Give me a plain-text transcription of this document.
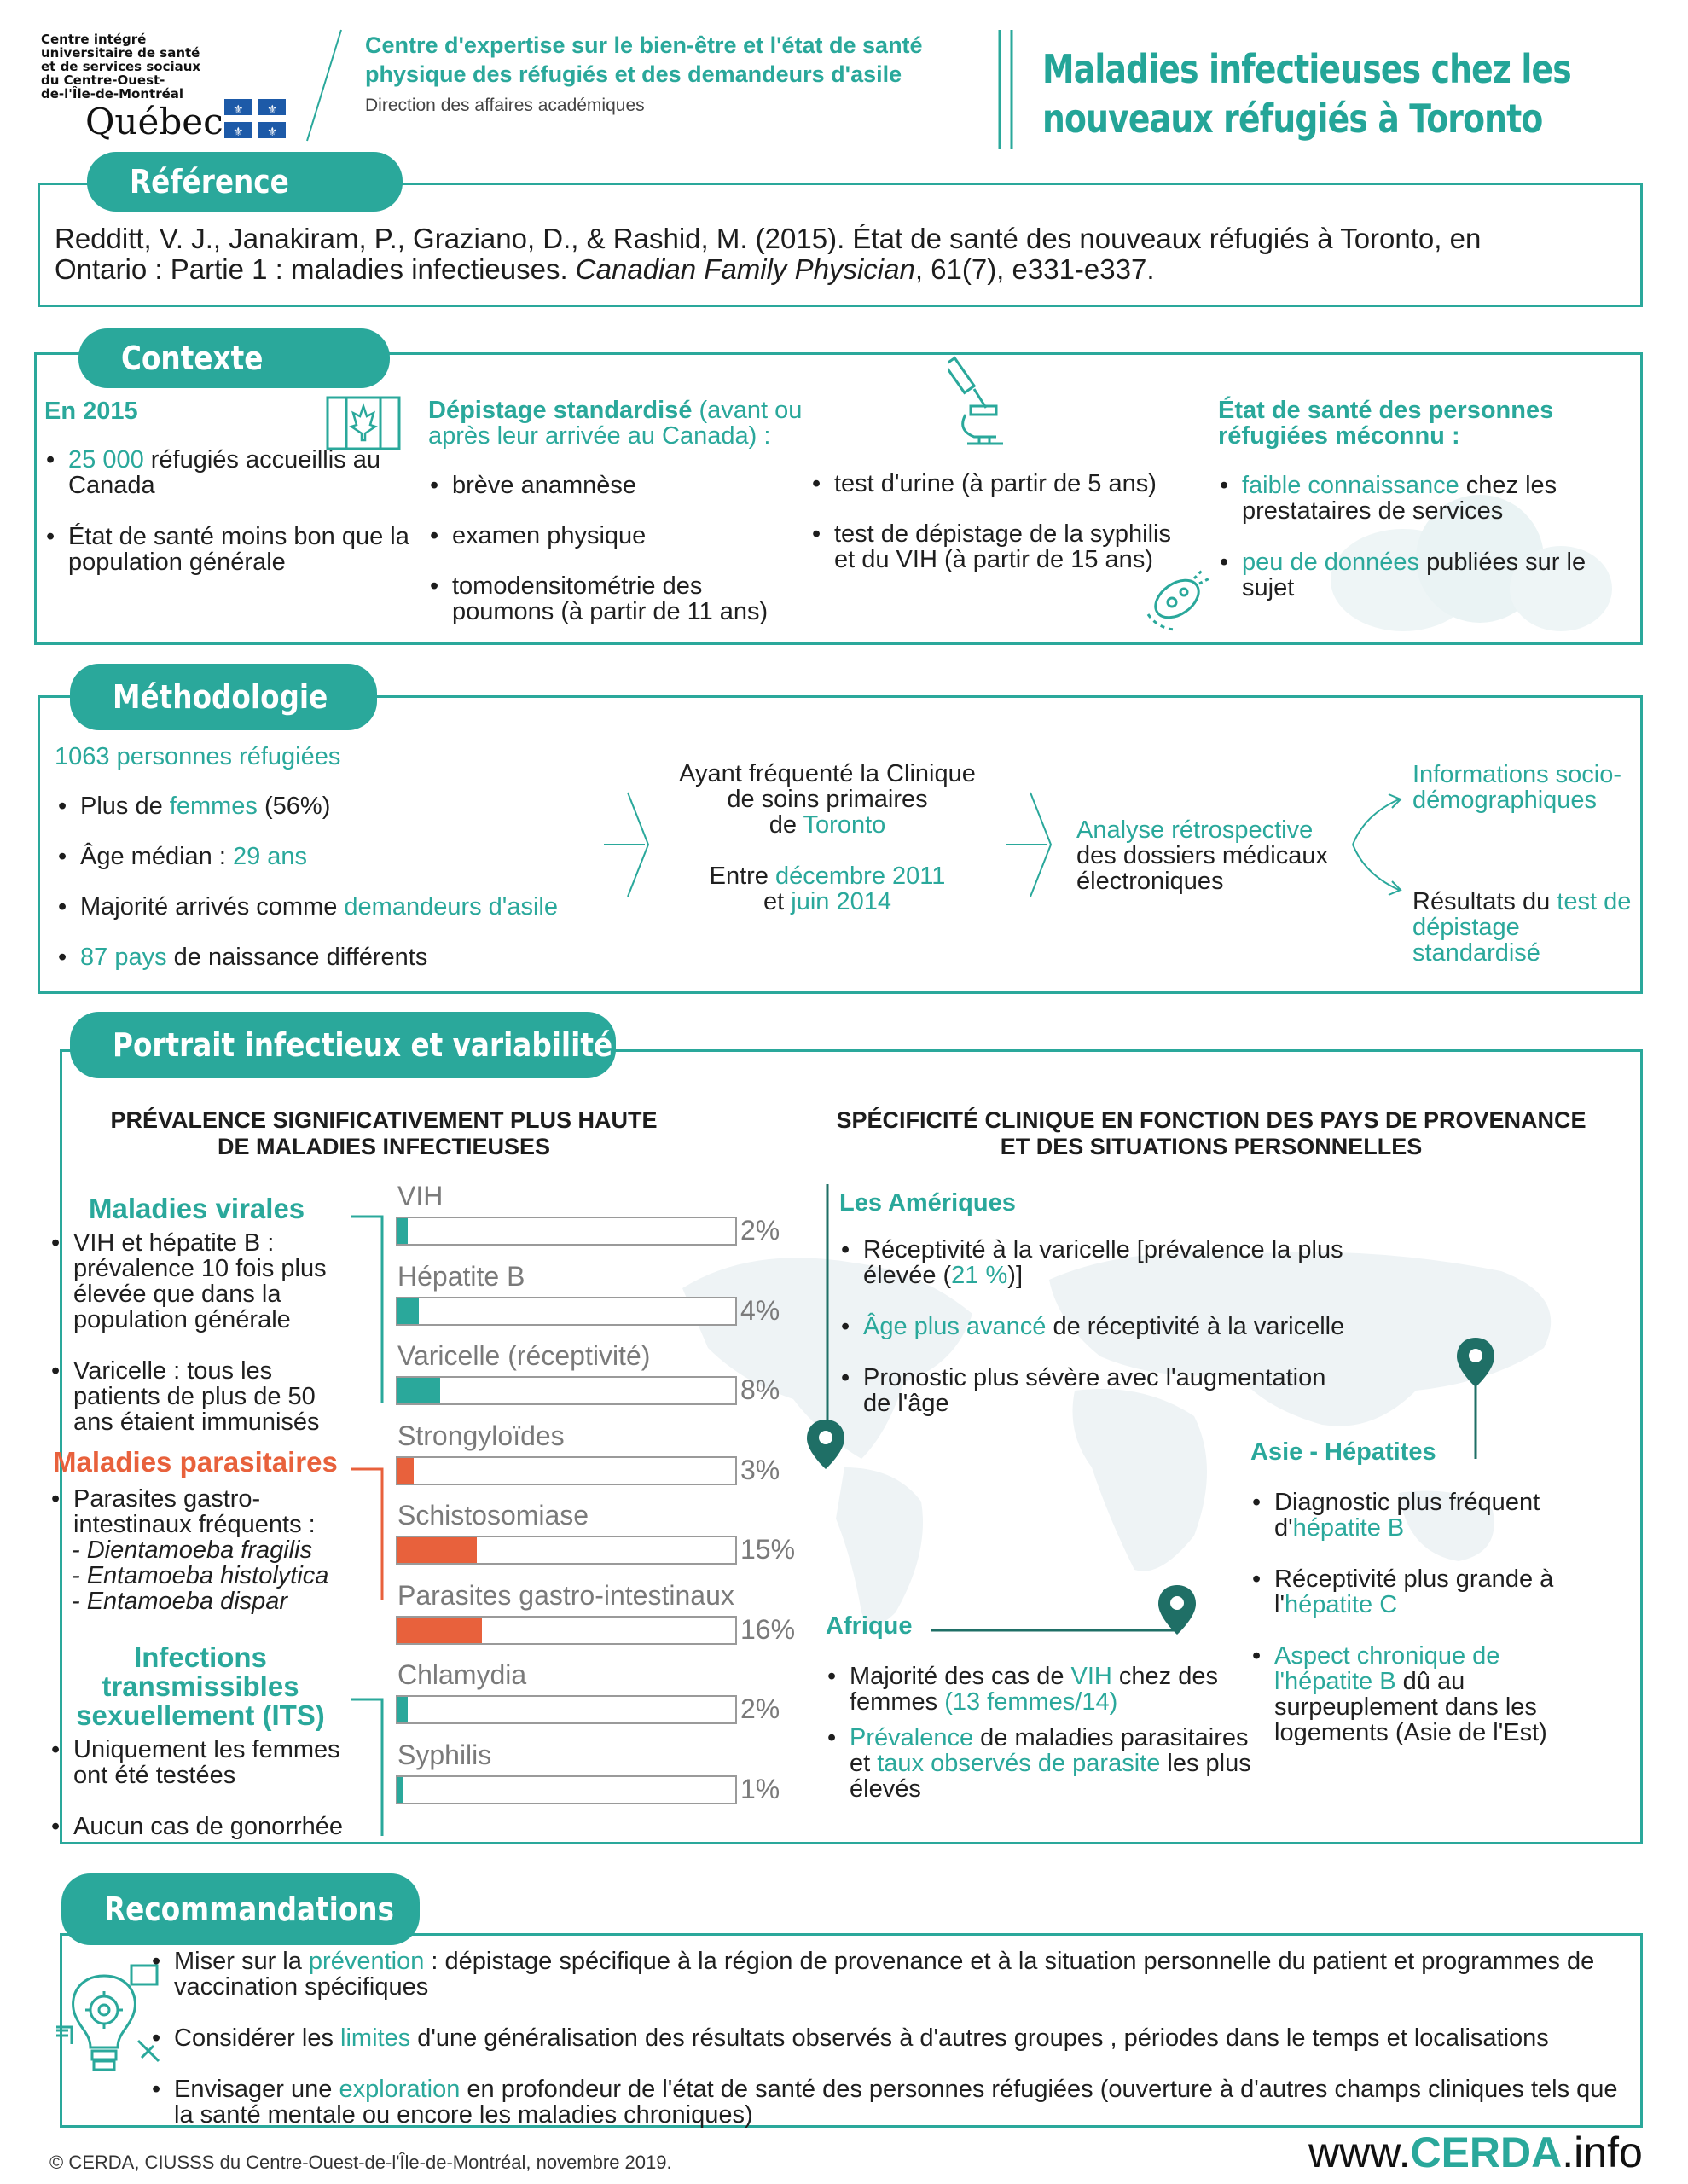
Centre intégré
universitaire de santé
et de services sociaux
du Centre-Ouest-
de-l'Île-de-Montréal
Québec ⚜ ⚜
⚜ ⚜
Centre d'expertise sur le bien-être et l'état de santé physique des réfugiés et des demandeurs d'asile
Direction des affaires académiques
Maladies infectieuses chez les
nouveaux réfugiés à Toronto
Référence
Redditt, V. J., Janakiram, P., Graziano, D., & Rashid, M. (2015). État de santé des nouveaux réfugiés à Toronto, en
Ontario : Partie 1 : maladies infectieuses. Canadian Family Physician, 61(7), e331-e337.
Contexte
En 2015
• 25 000 réfugiés accueillis au Canada
• État de santé moins bon que la population générale
Dépistage standardisé (avant ou après leur arrivée au Canada) :
• brève anamnèse
• examen physique
• tomodensitométrie des poumons (à partir de 11 ans)
• test d'urine (à partir de 5 ans)
• test de dépistage de la syphilis et du VIH (à partir de 15 ans)
État de santé des personnes réfugiées méconnu :
• faible connaissance chez les prestataires de services
• peu de données publiées sur le sujet
Méthodologie
1063 personnes réfugiées
• Plus de femmes (56%)
• Âge médian : 29 ans
• Majorité arrivés comme demandeurs d'asile
• 87 pays de naissance différents
Ayant fréquenté la Clinique
de soins primaires
de Toronto
Entre décembre 2011
et juin 2014
Analyse rétrospective
des dossiers médicaux
électroniques
Informations socio-démographiques
Résultats du test de dépistage standardisé
Portrait infectieux et variabilité
PRÉVALENCE SIGNIFICATIVEMENT PLUS HAUTE
DE MALADIES INFECTIEUSES
SPÉCIFICITÉ CLINIQUE EN FONCTION DES PAYS DE PROVENANCE
ET DES SITUATIONS PERSONNELLES
Maladies virales
• VIH et hépatite B : prévalence 10 fois plus élevée que dans la population générale
• Varicelle : tous les patients de plus de 50 ans étaient immunisés
Maladies parasitaires
• Parasites gastro-intestinaux fréquents :
- Dientamoeba fragilis
- Entamoeba histolytica
- Entamoeba dispar
Infections transmissibles sexuellement (ITS)
• Uniquement les femmes ont été testées
• Aucun cas de gonorrhée
VIH
2%
Hépatite B
4%
Varicelle (réceptivité)
8%
Strongyloïdes
3%
Schistosomiase
15%
Parasites gastro-intestinaux
16%
Chlamydia
2%
Syphilis
1%
Les Amériques
• Réceptivité à la varicelle [prévalence la plus élevée (21 %)]
• Âge plus avancé de réceptivité à la varicelle
• Pronostic plus sévère avec l'augmentation de l'âge
Asie - Hépatites
• Diagnostic plus fréquent d'hépatite B
• Réceptivité plus grande à l'hépatite C
• Aspect chronique de l'hépatite B dû au surpeuplement dans les logements (Asie de l'Est)
Afrique
• Majorité des cas de VIH chez des femmes (13 femmes/14)
• Prévalence de maladies parasitaires et taux observés de parasite les plus élevés
Recommandations
• Miser sur la prévention : dépistage spécifique à la région de provenance et à la situation personnelle du patient et programmes de vaccination spécifiques
• Considérer les limites d'une généralisation des résultats observés à d'autres groupes , périodes dans le temps et localisations
• Envisager une exploration en profondeur de l'état de santé des personnes réfugiées (ouverture à d'autres champs cliniques tels que la santé mentale ou encore les maladies chroniques)
© CERDA, CIUSSS du Centre-Ouest-de-l'Île-de-Montréal, novembre 2019.	www.CERDA.info
